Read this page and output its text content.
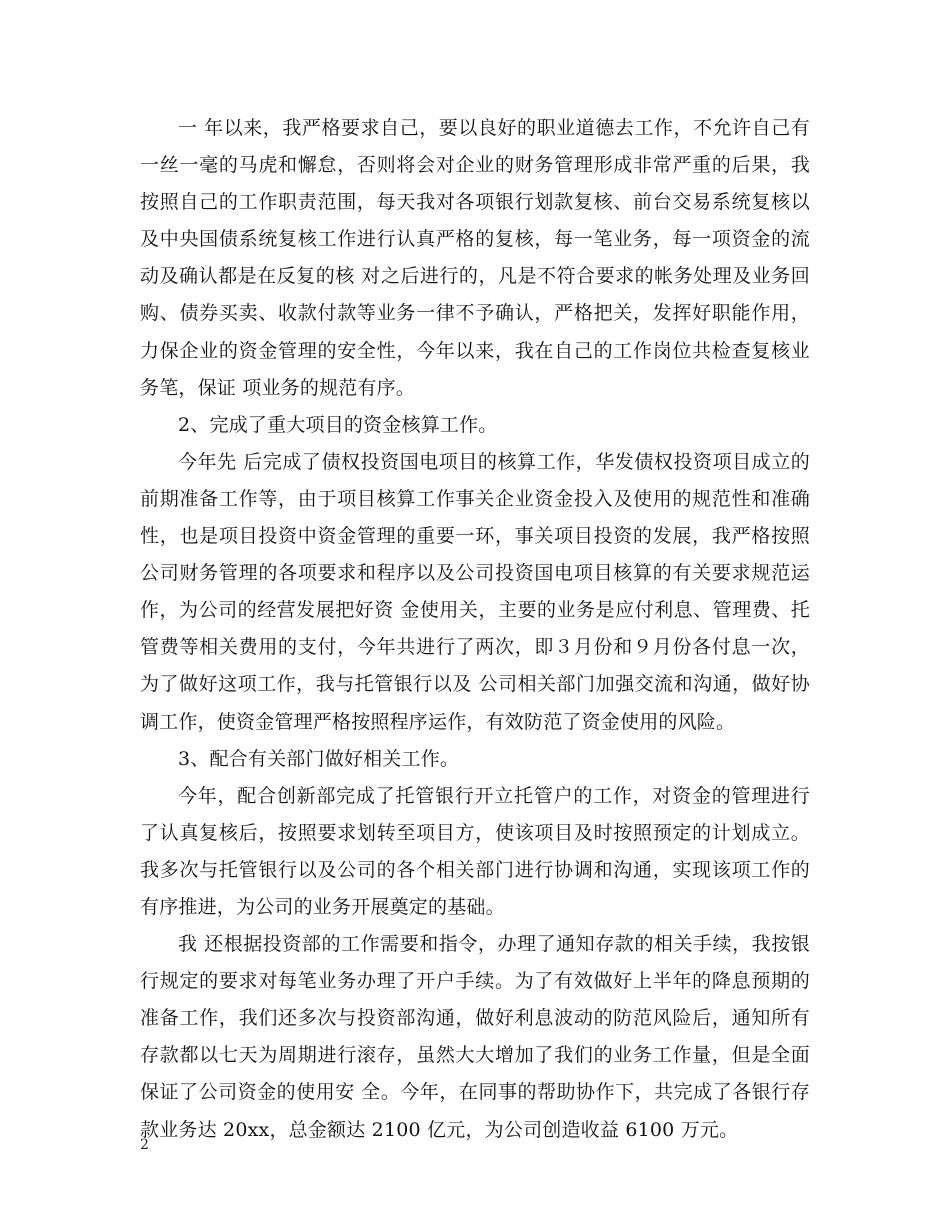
一 年以来，我严格要求自己，要以良好的职业道德去工作，不允许自己有一丝一毫的马虎和懈怠，否则将会对企业的财务管理形成非常严重的后果，我按照自己的工作职责范围，每天我对各项银行划款复核、前台交易系统复核以及中央国债系统复核工作进行认真严格的复核，每一笔业务，每一项资金的流动及确认都是在反复的核 对之后进行的，凡是不符合要求的帐务处理及业务回购、债券买卖、收款付款等业务一律不予确认，严格把关，发挥好职能作用，力保企业的资金管理的安全性，今年以来，我在自己的工作岗位共检查复核业务笔，保证 项业务的规范有序。

2、完成了重大项目的资金核算工作。

今年先 后完成了债权投资国电项目的核算工作，华发债权投资项目成立的前期准备工作等，由于项目核算工作事关企业资金投入及使用的规范性和准确性，也是项目投资中资金管理的重要一环，事关项目投资的发展，我严格按照公司财务管理的各项要求和程序以及公司投资国电项目核算的有关要求规范运作，为公司的经营发展把好资 金使用关，主要的业务是应付利息、管理费、托管费等相关费用的支付，今年共进行了两次，即３月份和９月份各付息一次，为了做好这项工作，我与托管银行以及 公司相关部门加强交流和沟通，做好协调工作，使资金管理严格按照程序运作，有效防范了资金使用的风险。

3、配合有关部门做好相关工作。

今年，配合创新部完成了托管银行开立托管户的工作，对资金的管理进行了认真复核后，按照要求划转至项目方，使该项目及时按照预定的计划成立。我多次与托管银行以及公司的各个相关部门进行协调和沟通，实现该项工作的有序推进，为公司的业务开展奠定的基础。

我 还根据投资部的工作需要和指令，办理了通知存款的相关手续，我按银行规定的要求对每笔业务办理了开户手续。为了有效做好上半年的降息预期的准备工作，我们还多次与投资部沟通，做好利息波动的防范风险后，通知所有存款都以七天为周期进行滚存，虽然大大增加了我们的业务工作量，但是全面保证了公司资金的使用安 全。今年，在同事的帮助协作下，共完成了各银行存款业务达 20xx，总金额达 2100 亿元，为公司创造收益 6100 万元。

2
